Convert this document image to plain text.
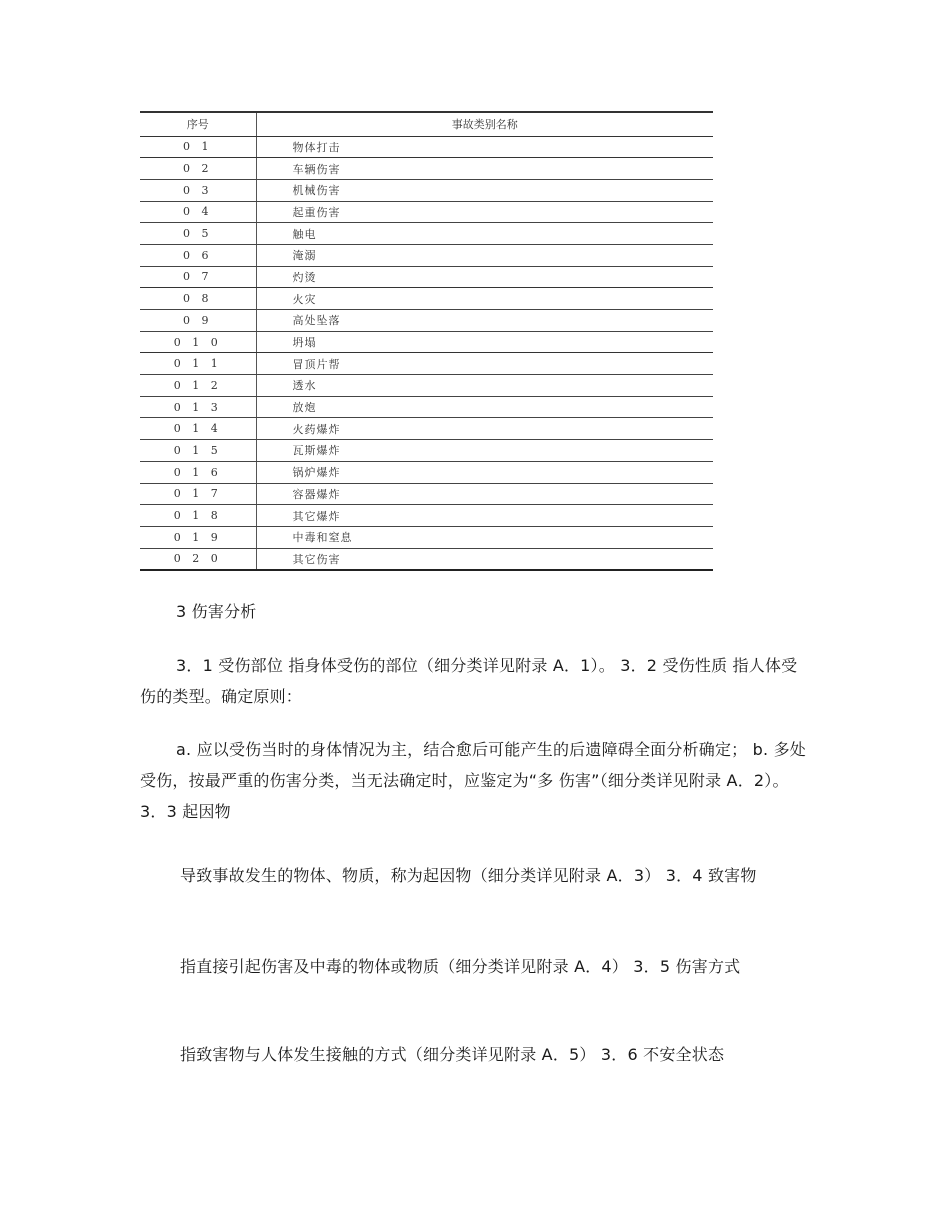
序号	事故类别名称
0 1	物体打击
0 2	车辆伤害
0 3	机械伤害
0 4	起重伤害
0 5	触电
0 6	淹溺
0 7	灼烫
0 8	火灾
0 9	高处坠落
0 1 0	坍塌
0 1 1	冒顶片帮
0 1 2	透水
0 1 3	放炮
0 1 4	火药爆炸
0 1 5	瓦斯爆炸
0 1 6	锅炉爆炸
0 1 7	容器爆炸
0 1 8	其它爆炸
0 1 9	中毒和窒息
0 2 0	其它伤害

3 伤害分析

3．1 受伤部位 指身体受伤的部位（细分类详见附录 A．1）。 3．2 受伤性质 指人体受伤的类型。确定原则：

a. 应以受伤当时的身体情况为主，结合愈后可能产生的后遗障碍全面分析确定； b. 多处受伤，按最严重的伤害分类，当无法确定时，应鉴定为“多 伤害”（细分类详见附录 A．2）。 3．3 起因物

导致事故发生的物体、物质，称为起因物（细分类详见附录 A．3） 3．4 致害物

指直接引起伤害及中毒的物体或物质（细分类详见附录 A．4） 3．5 伤害方式

指致害物与人体发生接触的方式（细分类详见附录 A．5） 3．6 不安全状态
